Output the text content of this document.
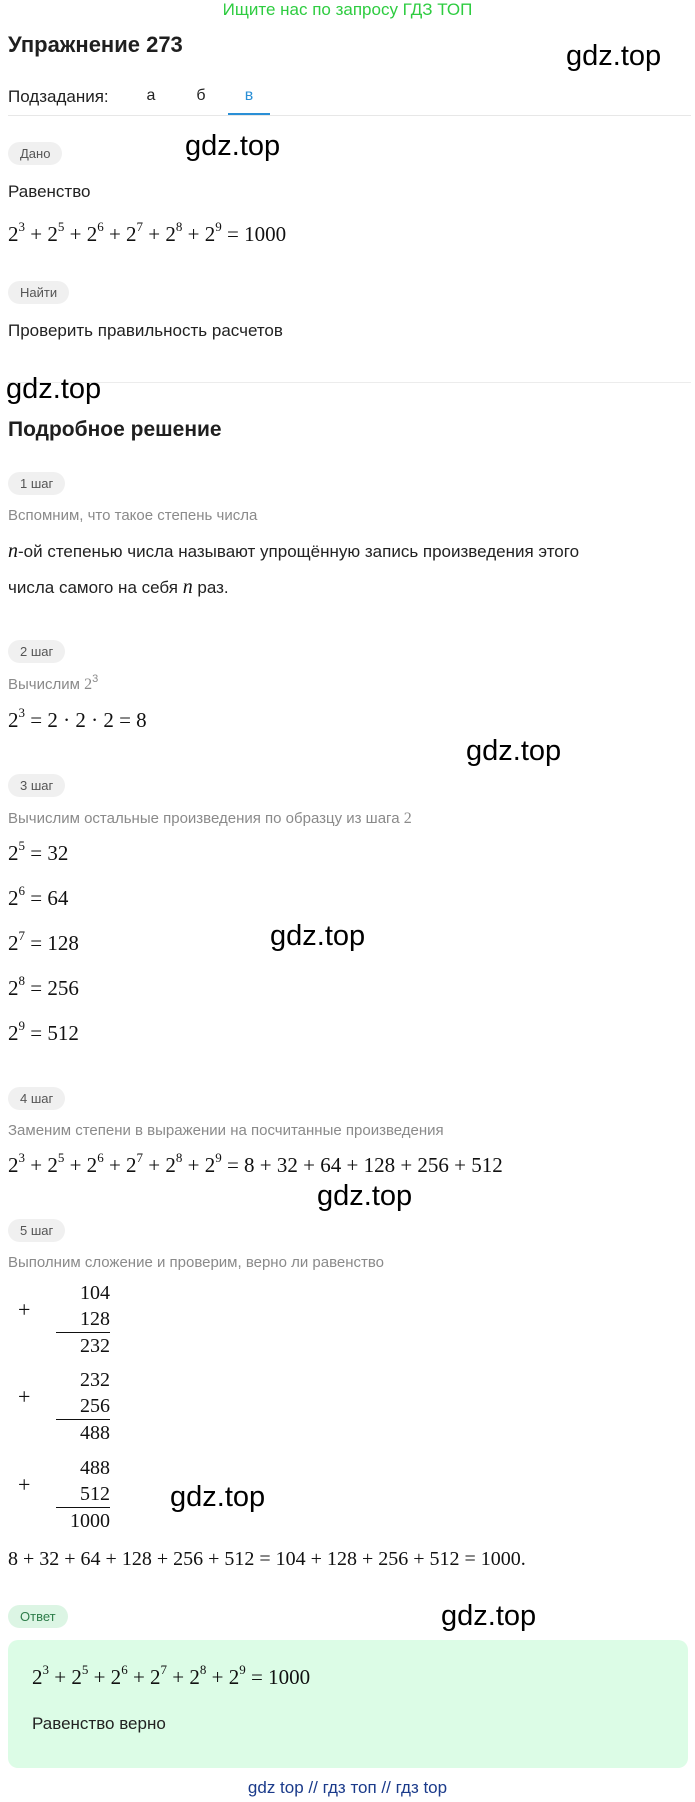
Ищите нас по запросу ГДЗ ТОП
Упражнение 273	gdz.top
Подзадания:	а	б	в
Дано	gdz.top
Равенство
$2^3 + 2^5 + 2^6 + 2^7 + 2^8 + 2^9 = 1000$
Найти
Проверить правильность расчетов
gdz.top
Подробное решение
1 шаг
Вспомним, что такое степень числа
n-ой степенью числа называют упрощённую запись произведения этого
числа самого на себя n раз.
2 шаг
Вычислим $2^3$
$2^3 = 2 \cdot 2 \cdot 2 = 8$
gdz.top
3 шаг
Вычислим остальные произведения по образцу из шага 2
$2^5 = 32$
$2^6 = 64$
$2^7 = 128$	gdz.top
$2^8 = 256$
$2^9 = 512$
4 шаг
Заменим степени в выражении на посчитанные произведения
$2^3 + 2^5 + 2^6 + 2^7 + 2^8 + 2^9 = 8 + 32 + 64 + 128 + 256 + 512$
gdz.top
5 шаг
Выполним сложение и проверим, верно ли равенство
+
104
128
232
+
232
256
488
+
488
512
1000
gdz.top
8 + 32 + 64 + 128 + 256 + 512 = 104 + 128 + 256 + 512 = 1000.
Ответ	gdz.top
$2^3 + 2^5 + 2^6 + 2^7 + 2^8 + 2^9 = 1000$
Равенство верно
gdz top // гдз топ // гдз top
